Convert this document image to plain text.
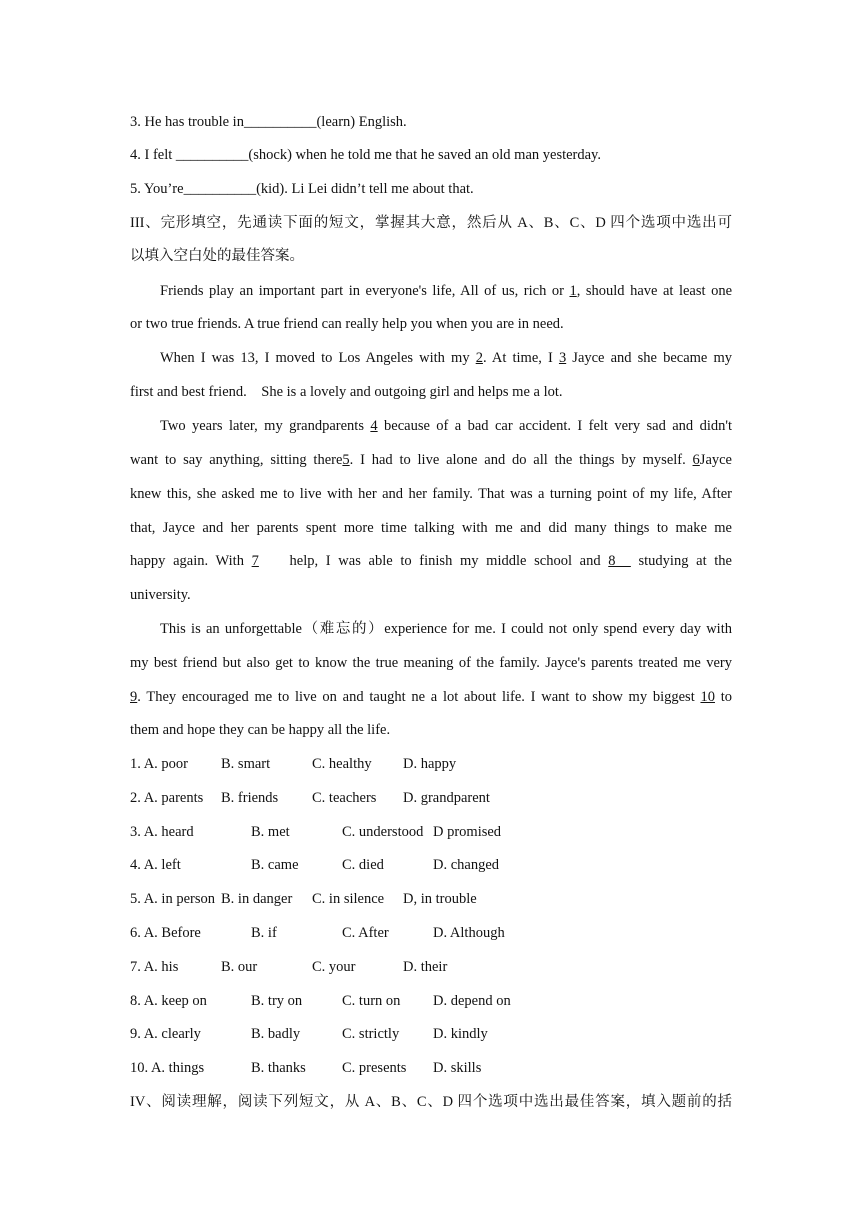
3. He has trouble in__________(learn) English.
4. I felt __________(shock) when he told me that he saved an old man yesterday.
5. You’re__________(kid). Li Lei didn’t tell me about that.
III、完形填空，先通读下面的短文，掌握其大意，然后从 A、B、C、D 四个选项中选出可
以填入空白处的最佳答案。
Friends play an important part in everyone's life, All of us, rich or 1, should have at least one
or two true friends. A true friend can really help you when you are in need.
When I was 13, I moved to Los Angeles with my 2. At time, I 3 Jayce and she became my
first and best friend.    She is a lovely and outgoing girl and helps me a lot.
Two years later, my grandparents 4 because of a bad car accident. I felt very sad and didn't
want to say anything, sitting there5. I had to live alone and do all the things by myself. 6Jayce
knew this, she asked me to live with her and her family. That was a turning point of my life, After
that, Jayce and her parents spent more time talking with me and did many things to make me
happy again. With 7    help, I was able to finish my middle school and 8   studying at the
university.
This is an unforgettable（难忘的）experience for me. I could not only spend every day with
my best friend but also get to know the true meaning of the family. Jayce's parents treated me very
9. They encouraged me to live on and taught ne a lot about life. I want to show my biggest 10 to
them and hope they can be happy all the life.
1. A. poor B. smart	C. healthy D. happy
2. A. parents B. friends C. teachers D. grandparent
3. A. heard	B. met	C. understood D promised
4. A. left	B. came	C. died	D. changed
5. A. in person B. in danger C. in silence D, in trouble
6. A. Before	B. if	C. After	D. Although
7. A. his	B. our	C. your	D. their
8. A. keep on	B. try on	C. turn on D. depend on
9. A. clearly	B. badly	C. strictly D. kindly
10. A. things	B. thanks C. presents D. skills
IV、阅读理解，阅读下列短文，从 A、B、C、D 四个选项中选出最佳答案，填入题前的括
